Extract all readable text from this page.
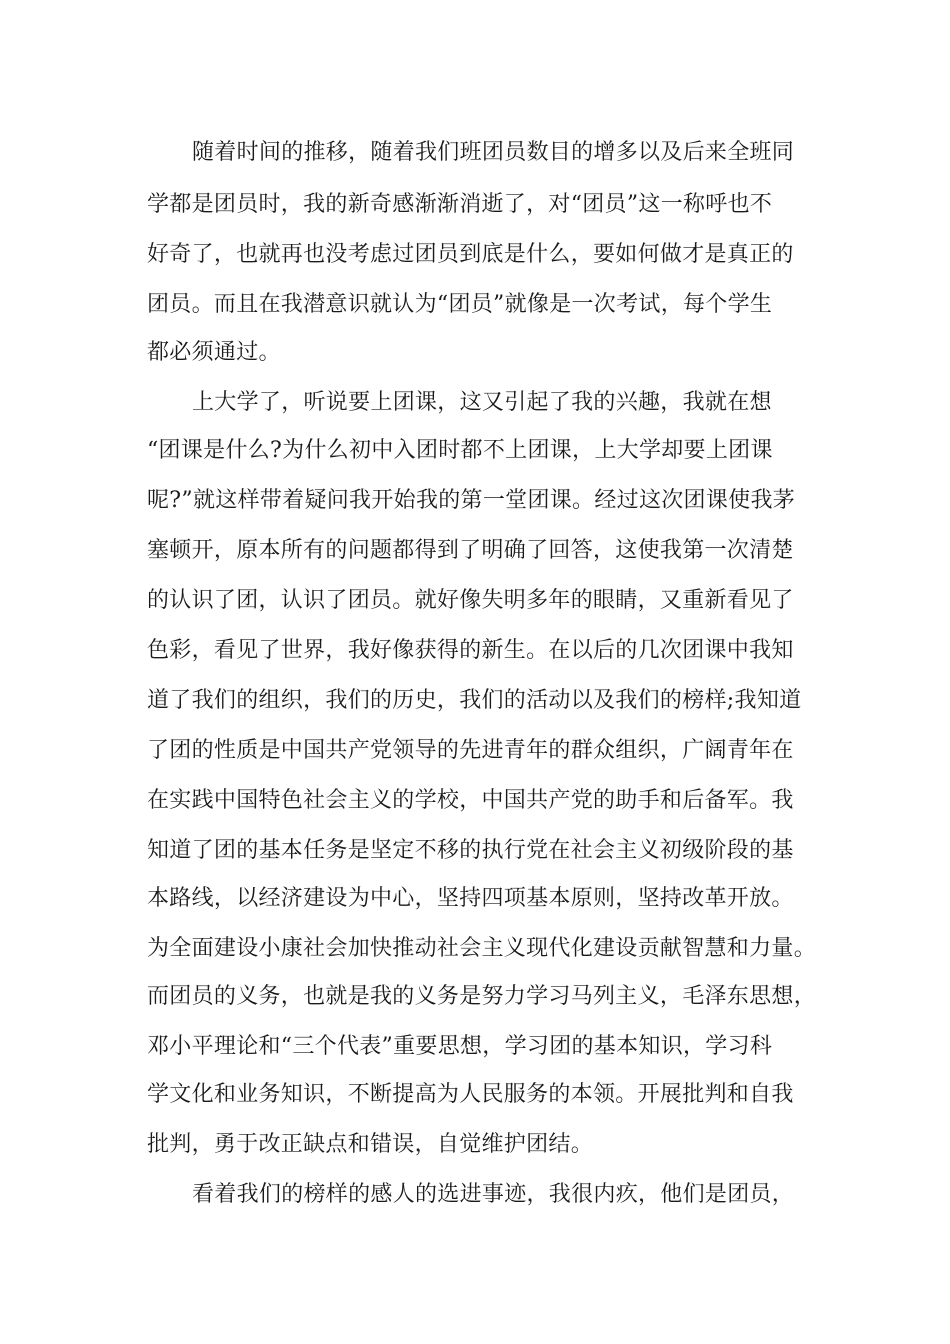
随着时间的推移，随着我们班团员数目的增多以及后来全班同
学都是团员时，我的新奇感渐渐消逝了，对“团员”这一称呼也不
好奇了，也就再也没考虑过团员到底是什么，要如何做才是真正的
团员。而且在我潜意识就认为“团员”就像是一次考试，每个学生
都必须通过。
上大学了，听说要上团课，这又引起了我的兴趣，我就在想
“团课是什么?为什么初中入团时都不上团课，上大学却要上团课
呢?”就这样带着疑问我开始我的第一堂团课。经过这次团课使我茅
塞顿开，原本所有的问题都得到了明确了回答，这使我第一次清楚
的认识了团，认识了团员。就好像失明多年的眼睛，又重新看见了
色彩，看见了世界，我好像获得的新生。在以后的几次团课中我知
道了我们的组织，我们的历史，我们的活动以及我们的榜样;我知道
了团的性质是中国共产党领导的先进青年的群众组织，广阔青年在
在实践中国特色社会主义的学校，中国共产党的助手和后备军。我
知道了团的基本任务是坚定不移的执行党在社会主义初级阶段的基
本路线，以经济建设为中心，坚持四项基本原则，坚持改革开放。
为全面建设小康社会加快推动社会主义现代化建设贡献智慧和力量。
而团员的义务，也就是我的义务是努力学习马列主义，毛泽东思想，
邓小平理论和“三个代表”重要思想，学习团的基本知识，学习科
学文化和业务知识，不断提高为人民服务的本领。开展批判和自我
批判，勇于改正缺点和错误，自觉维护团结。
看着我们的榜样的感人的选进事迹，我很内疚，他们是团员，
